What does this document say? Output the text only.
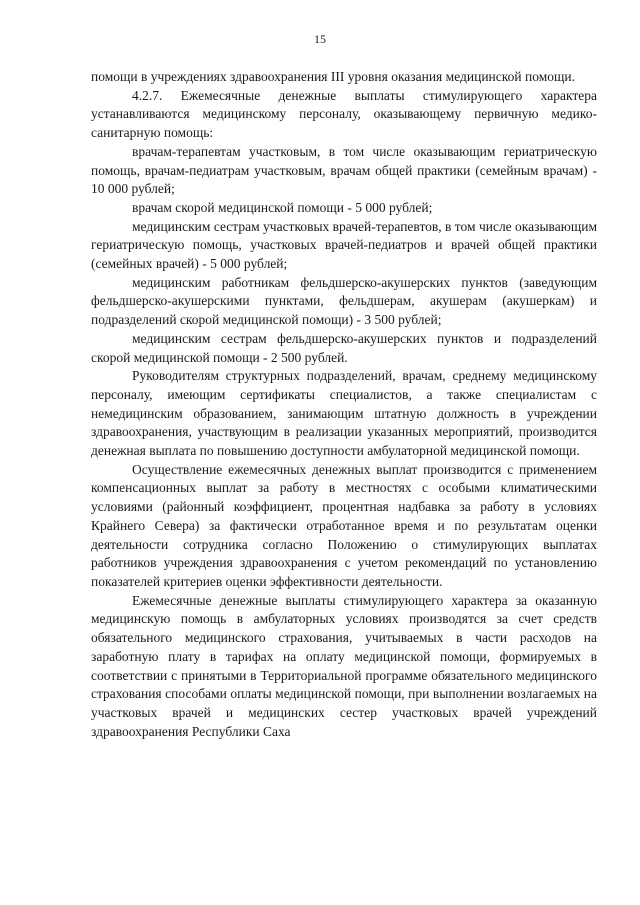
15

помощи в учреждениях здравоохранения III уровня оказания медицинской помощи.

4.2.7. Ежемесячные денежные выплаты стимулирующего характера устанавливаются медицинскому персоналу, оказывающему первичную медико-санитарную помощь:

врачам-терапевтам участковым, в том числе оказывающим гериатрическую помощь, врачам-педиатрам участковым, врачам общей практики (семейным врачам) - 10 000 рублей;

врачам скорой медицинской помощи - 5 000 рублей;

медицинским сестрам участковых врачей-терапевтов, в том числе оказывающим гериатрическую помощь, участковых врачей-педиатров и врачей общей практики (семейных врачей) - 5 000 рублей;

медицинским работникам фельдшерско-акушерских пунктов (заведующим фельдшерско-акушерскими пунктами, фельдшерам, акушерам (акушеркам) и подразделений скорой медицинской помощи) - 3 500 рублей;

медицинским сестрам фельдшерско-акушерских пунктов и подразделений скорой медицинской помощи - 2 500 рублей.

Руководителям структурных подразделений, врачам, среднему медицинскому персоналу, имеющим сертификаты специалистов, а также специалистам с немедицинским образованием, занимающим штатную должность в учреждении здравоохранения, участвующим в реализации указанных мероприятий, производится денежная выплата по повышению доступности амбулаторной медицинской помощи.

Осуществление ежемесячных денежных выплат производится с применением компенсационных выплат за работу в местностях с особыми климатическими условиями (районный коэффициент, процентная надбавка за работу в условиях Крайнего Севера) за фактически отработанное время и по результатам оценки деятельности сотрудника согласно Положению о стимулирующих выплатах работников учреждения здравоохранения с учетом рекомендаций по установлению показателей критериев оценки эффективности деятельности.

Ежемесячные денежные выплаты стимулирующего характера за оказанную медицинскую помощь в амбулаторных условиях производятся за счет средств обязательного медицинского страхования, учитываемых в части расходов на заработную плату в тарифах на оплату медицинской помощи, формируемых в соответствии с принятыми в Территориальной программе обязательного медицинского страхования способами оплаты медицинской помощи, при выполнении возлагаемых на участковых врачей и медицинских сестер участковых врачей учреждений здравоохранения Республики Саха
